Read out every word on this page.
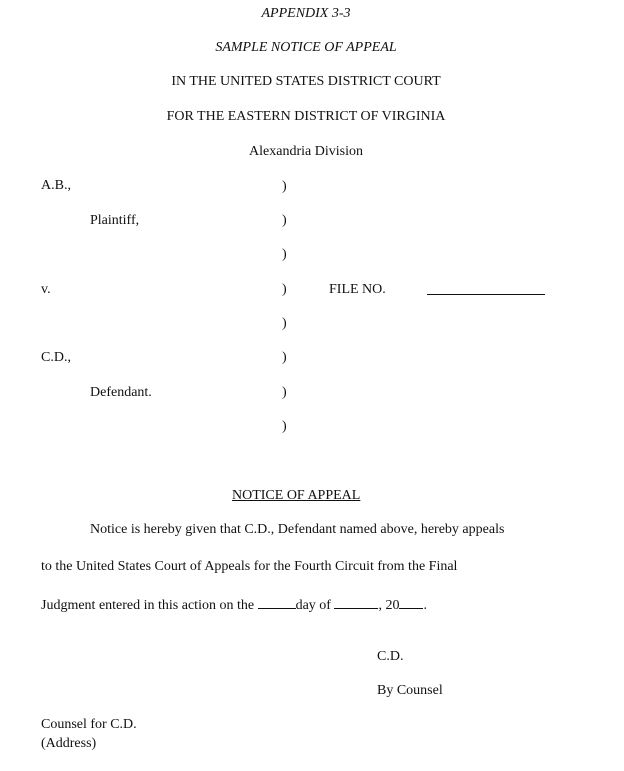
APPENDIX 3-3
SAMPLE NOTICE OF APPEAL
IN THE UNITED STATES DISTRICT COURT
FOR THE EASTERN DISTRICT OF VIRGINIA
Alexandria Division
A.B.,	)
Plaintiff,	)
)
v.	)	FILE NO.
)
C.D.,	)
Defendant.	)
)
NOTICE OF APPEAL
Notice is hereby given that C.D., Defendant named above, hereby appeals
to the United States Court of Appeals for the Fourth Circuit from the Final
Judgment entered in this action on the	day of	, 20 .
C.D.
By Counsel
Counsel for C.D.
(Address)
